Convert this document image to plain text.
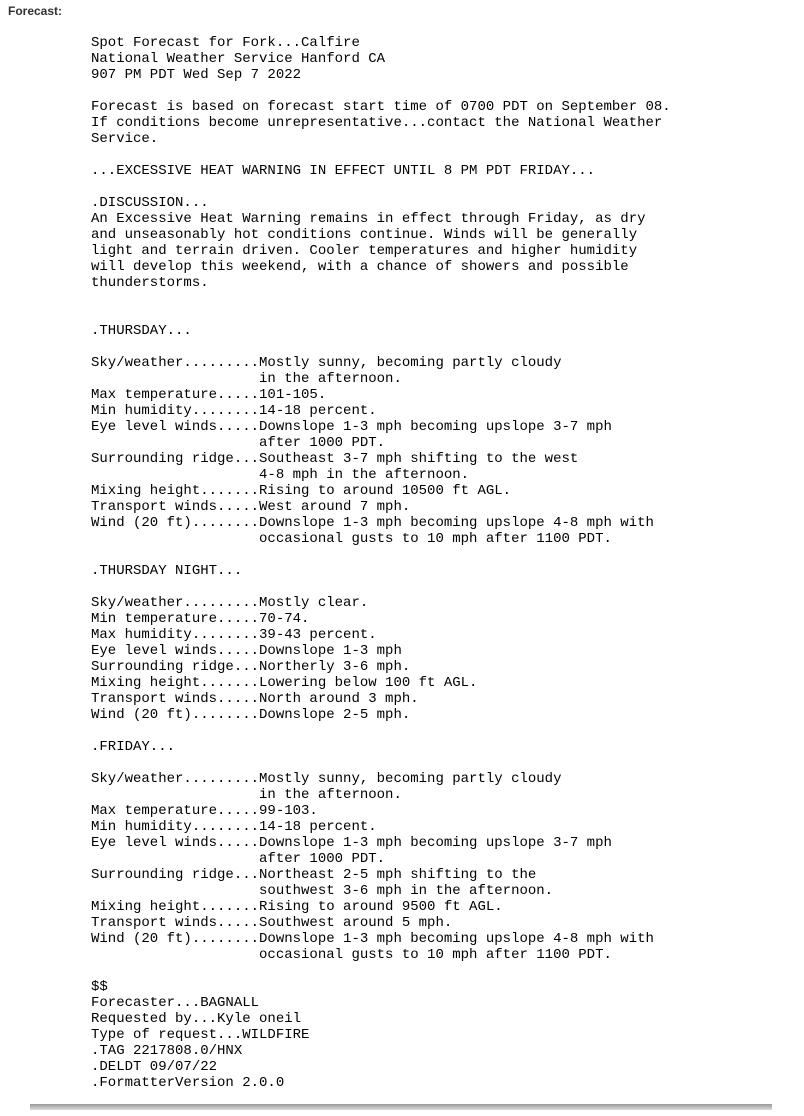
Forecast:
Spot Forecast for Fork...Calfire
National Weather Service Hanford CA
907 PM PDT Wed Sep 7 2022
Forecast is based on forecast start time of 0700 PDT on September 08.
If conditions become unrepresentative...contact the National Weather
Service.
...EXCESSIVE HEAT WARNING IN EFFECT UNTIL 8 PM PDT FRIDAY...
.DISCUSSION...
An Excessive Heat Warning remains in effect through Friday, as dry
and unseasonably hot conditions continue. Winds will be generally
light and terrain driven. Cooler temperatures and higher humidity
will develop this weekend, with a chance of showers and possible
thunderstorms.
.THURSDAY...
Sky/weather.........Mostly sunny, becoming partly cloudy
in the afternoon.
Max temperature.....101-105.
Min humidity........14-18 percent.
Eye level winds.....Downslope 1-3 mph becoming upslope 3-7 mph
after 1000 PDT.
Surrounding ridge...Southeast 3-7 mph shifting to the west
4-8 mph in the afternoon.
Mixing height.......Rising to around 10500 ft AGL.
Transport winds.....West around 7 mph.
Wind (20 ft)........Downslope 1-3 mph becoming upslope 4-8 mph with
occasional gusts to 10 mph after 1100 PDT.
.THURSDAY NIGHT...
Sky/weather.........Mostly clear.
Min temperature.....70-74.
Max humidity........39-43 percent.
Eye level winds.....Downslope 1-3 mph
Surrounding ridge...Northerly 3-6 mph.
Mixing height.......Lowering below 100 ft AGL.
Transport winds.....North around 3 mph.
Wind (20 ft)........Downslope 2-5 mph.
.FRIDAY...
Sky/weather.........Mostly sunny, becoming partly cloudy
in the afternoon.
Max temperature.....99-103.
Min humidity........14-18 percent.
Eye level winds.....Downslope 1-3 mph becoming upslope 3-7 mph
after 1000 PDT.
Surrounding ridge...Northeast 2-5 mph shifting to the
southwest 3-6 mph in the afternoon.
Mixing height.......Rising to around 9500 ft AGL.
Transport winds.....Southwest around 5 mph.
Wind (20 ft)........Downslope 1-3 mph becoming upslope 4-8 mph with
occasional gusts to 10 mph after 1100 PDT.
$$
Forecaster...BAGNALL
Requested by...Kyle oneil
Type of request...WILDFIRE
.TAG 2217808.0/HNX
.DELDT 09/07/22
.FormatterVersion 2.0.0
